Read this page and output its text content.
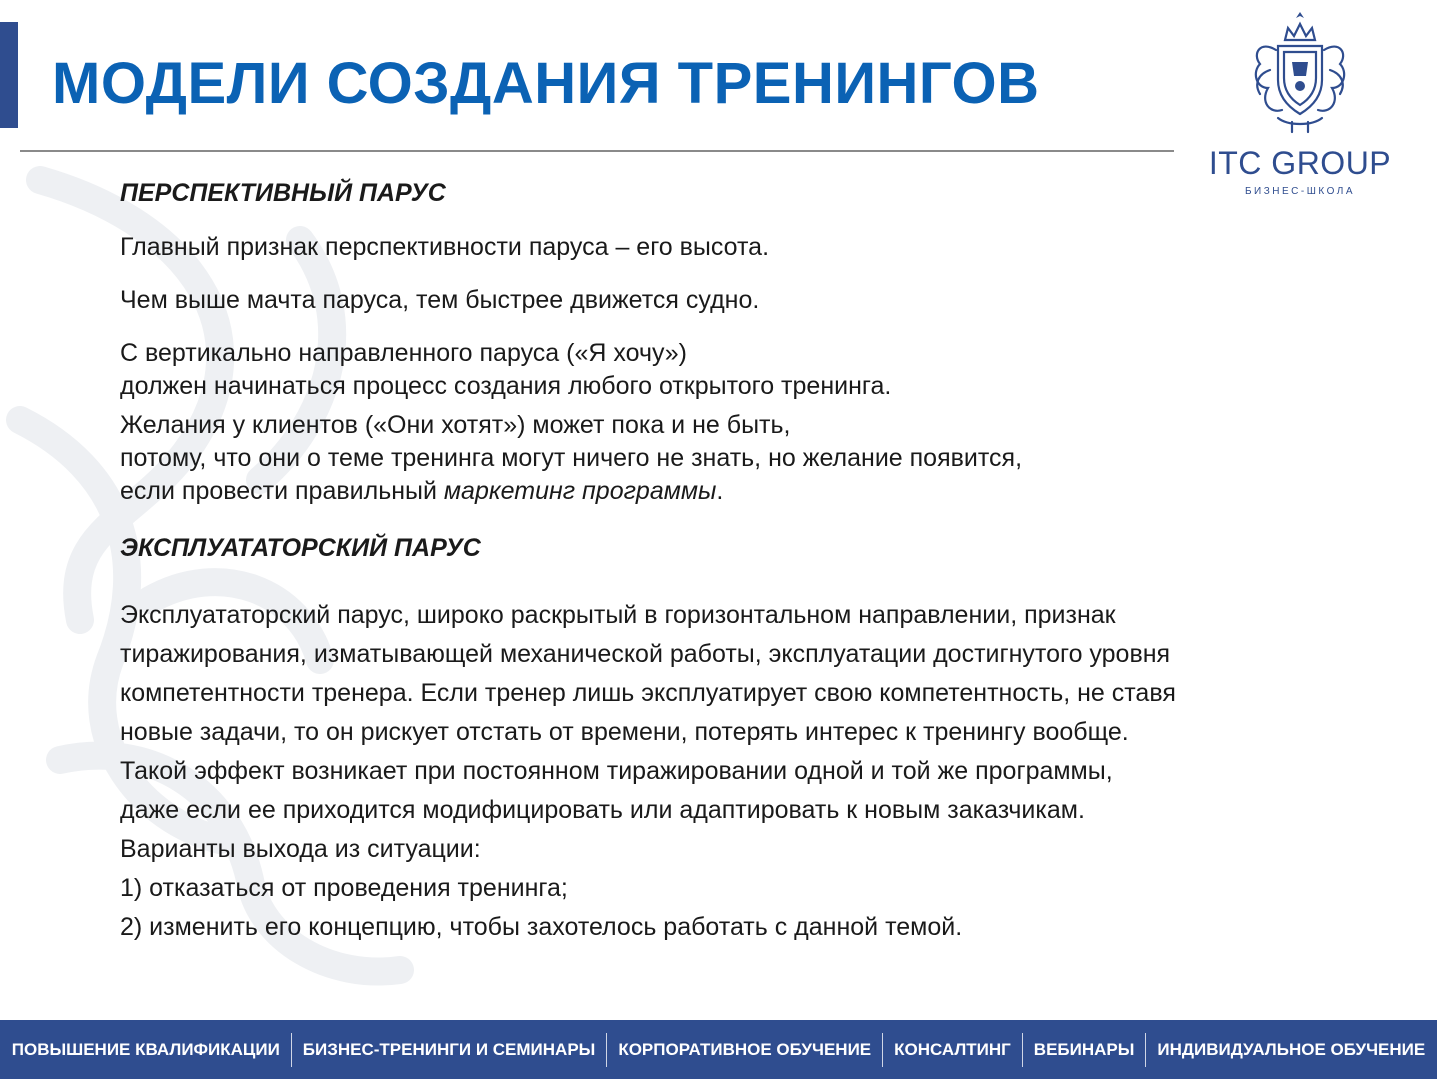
МОДЕЛИ СОЗДАНИЯ ТРЕНИНГОВ
ITC GROUP
БИЗНЕС-ШКОЛА

ПЕРСПЕКТИВНЫЙ ПАРУС

Главный признак перспективности паруса – его высота.

Чем выше мачта паруса, тем быстрее движется судно.

С вертикально направленного паруса («Я хочу»)

должен начинаться процесс создания любого открытого тренинга.

Желания у клиентов («Они хотят») может пока и не быть,

потому, что они о теме тренинга могут ничего не знать, но желание появится,

если провести правильный маркетинг программы.

ЭКСПЛУАТАТОРСКИЙ ПАРУС

Эксплуататорский парус, широко раскрытый в горизонтальном направлении, признак

тиражирования, изматывающей механической работы, эксплуатации достигнутого уровня

компетентности тренера. Если тренер лишь эксплуатирует свою компетентность, не ставя

новые задачи, то он рискует отстать от времени, потерять интерес к тренингу вообще.

Такой эффект возникает при постоянном тиражировании одной и той же программы,

даже если ее приходится модифицировать или адаптировать к новым заказчикам.

Варианты выхода из ситуации:

1) отказаться от проведения тренинга;

2) изменить его концепцию, чтобы захотелось работать с данной темой.

ПОВЫШЕНИЕ КВАЛИФИКАЦИИ	БИЗНЕС-ТРЕНИНГИ И СЕМИНАРЫ	КОРПОРАТИВНОЕ ОБУЧЕНИЕ	КОНСАЛТИНГ	ВЕБИНАРЫ	ИНДИВИДУАЛЬНОЕ ОБУЧЕНИЕ
